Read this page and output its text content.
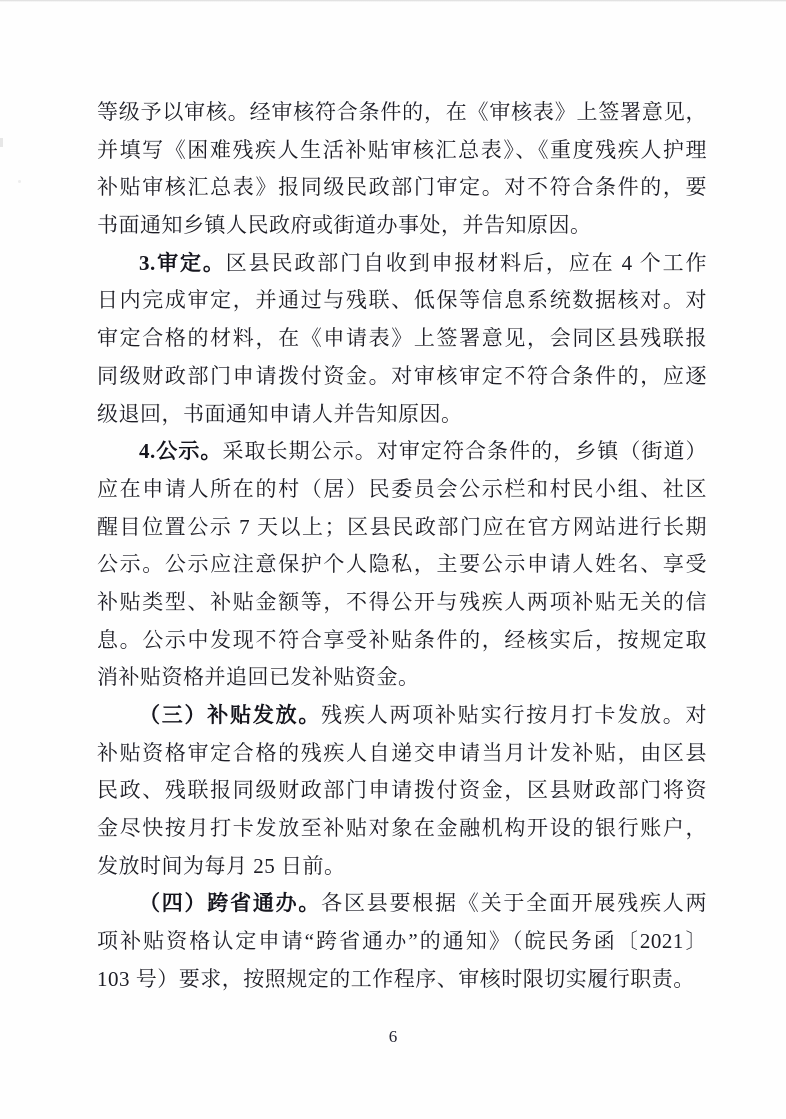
等级予以审核。经审核符合条件的，在《审核表》上签署意见，
并填写《困难残疾人生活补贴审核汇总表》、《重度残疾人护理
补贴审核汇总表》报同级民政部门审定。对不符合条件的，要
书面通知乡镇人民政府或街道办事处，并告知原因。
3.审定。区县民政部门自收到申报材料后，应在 4 个工作
日内完成审定，并通过与残联、低保等信息系统数据核对。对
审定合格的材料，在《申请表》上签署意见，会同区县残联报
同级财政部门申请拨付资金。对审核审定不符合条件的，应逐
级退回，书面通知申请人并告知原因。
4.公示。采取长期公示。对审定符合条件的，乡镇（街道）
应在申请人所在的村（居）民委员会公示栏和村民小组、社区
醒目位置公示 7 天以上；区县民政部门应在官方网站进行长期
公示。公示应注意保护个人隐私，主要公示申请人姓名、享受
补贴类型、补贴金额等，不得公开与残疾人两项补贴无关的信
息。公示中发现不符合享受补贴条件的，经核实后，按规定取
消补贴资格并追回已发补贴资金。
（三）补贴发放。残疾人两项补贴实行按月打卡发放。对
补贴资格审定合格的残疾人自递交申请当月计发补贴，由区县
民政、残联报同级财政部门申请拨付资金，区县财政部门将资
金尽快按月打卡发放至补贴对象在金融机构开设的银行账户，
发放时间为每月 25 日前。
（四）跨省通办。各区县要根据《关于全面开展残疾人两
项补贴资格认定申请“跨省通办”的通知》（皖民务函〔2021〕
103 号）要求，按照规定的工作程序、审核时限切实履行职责。
6
